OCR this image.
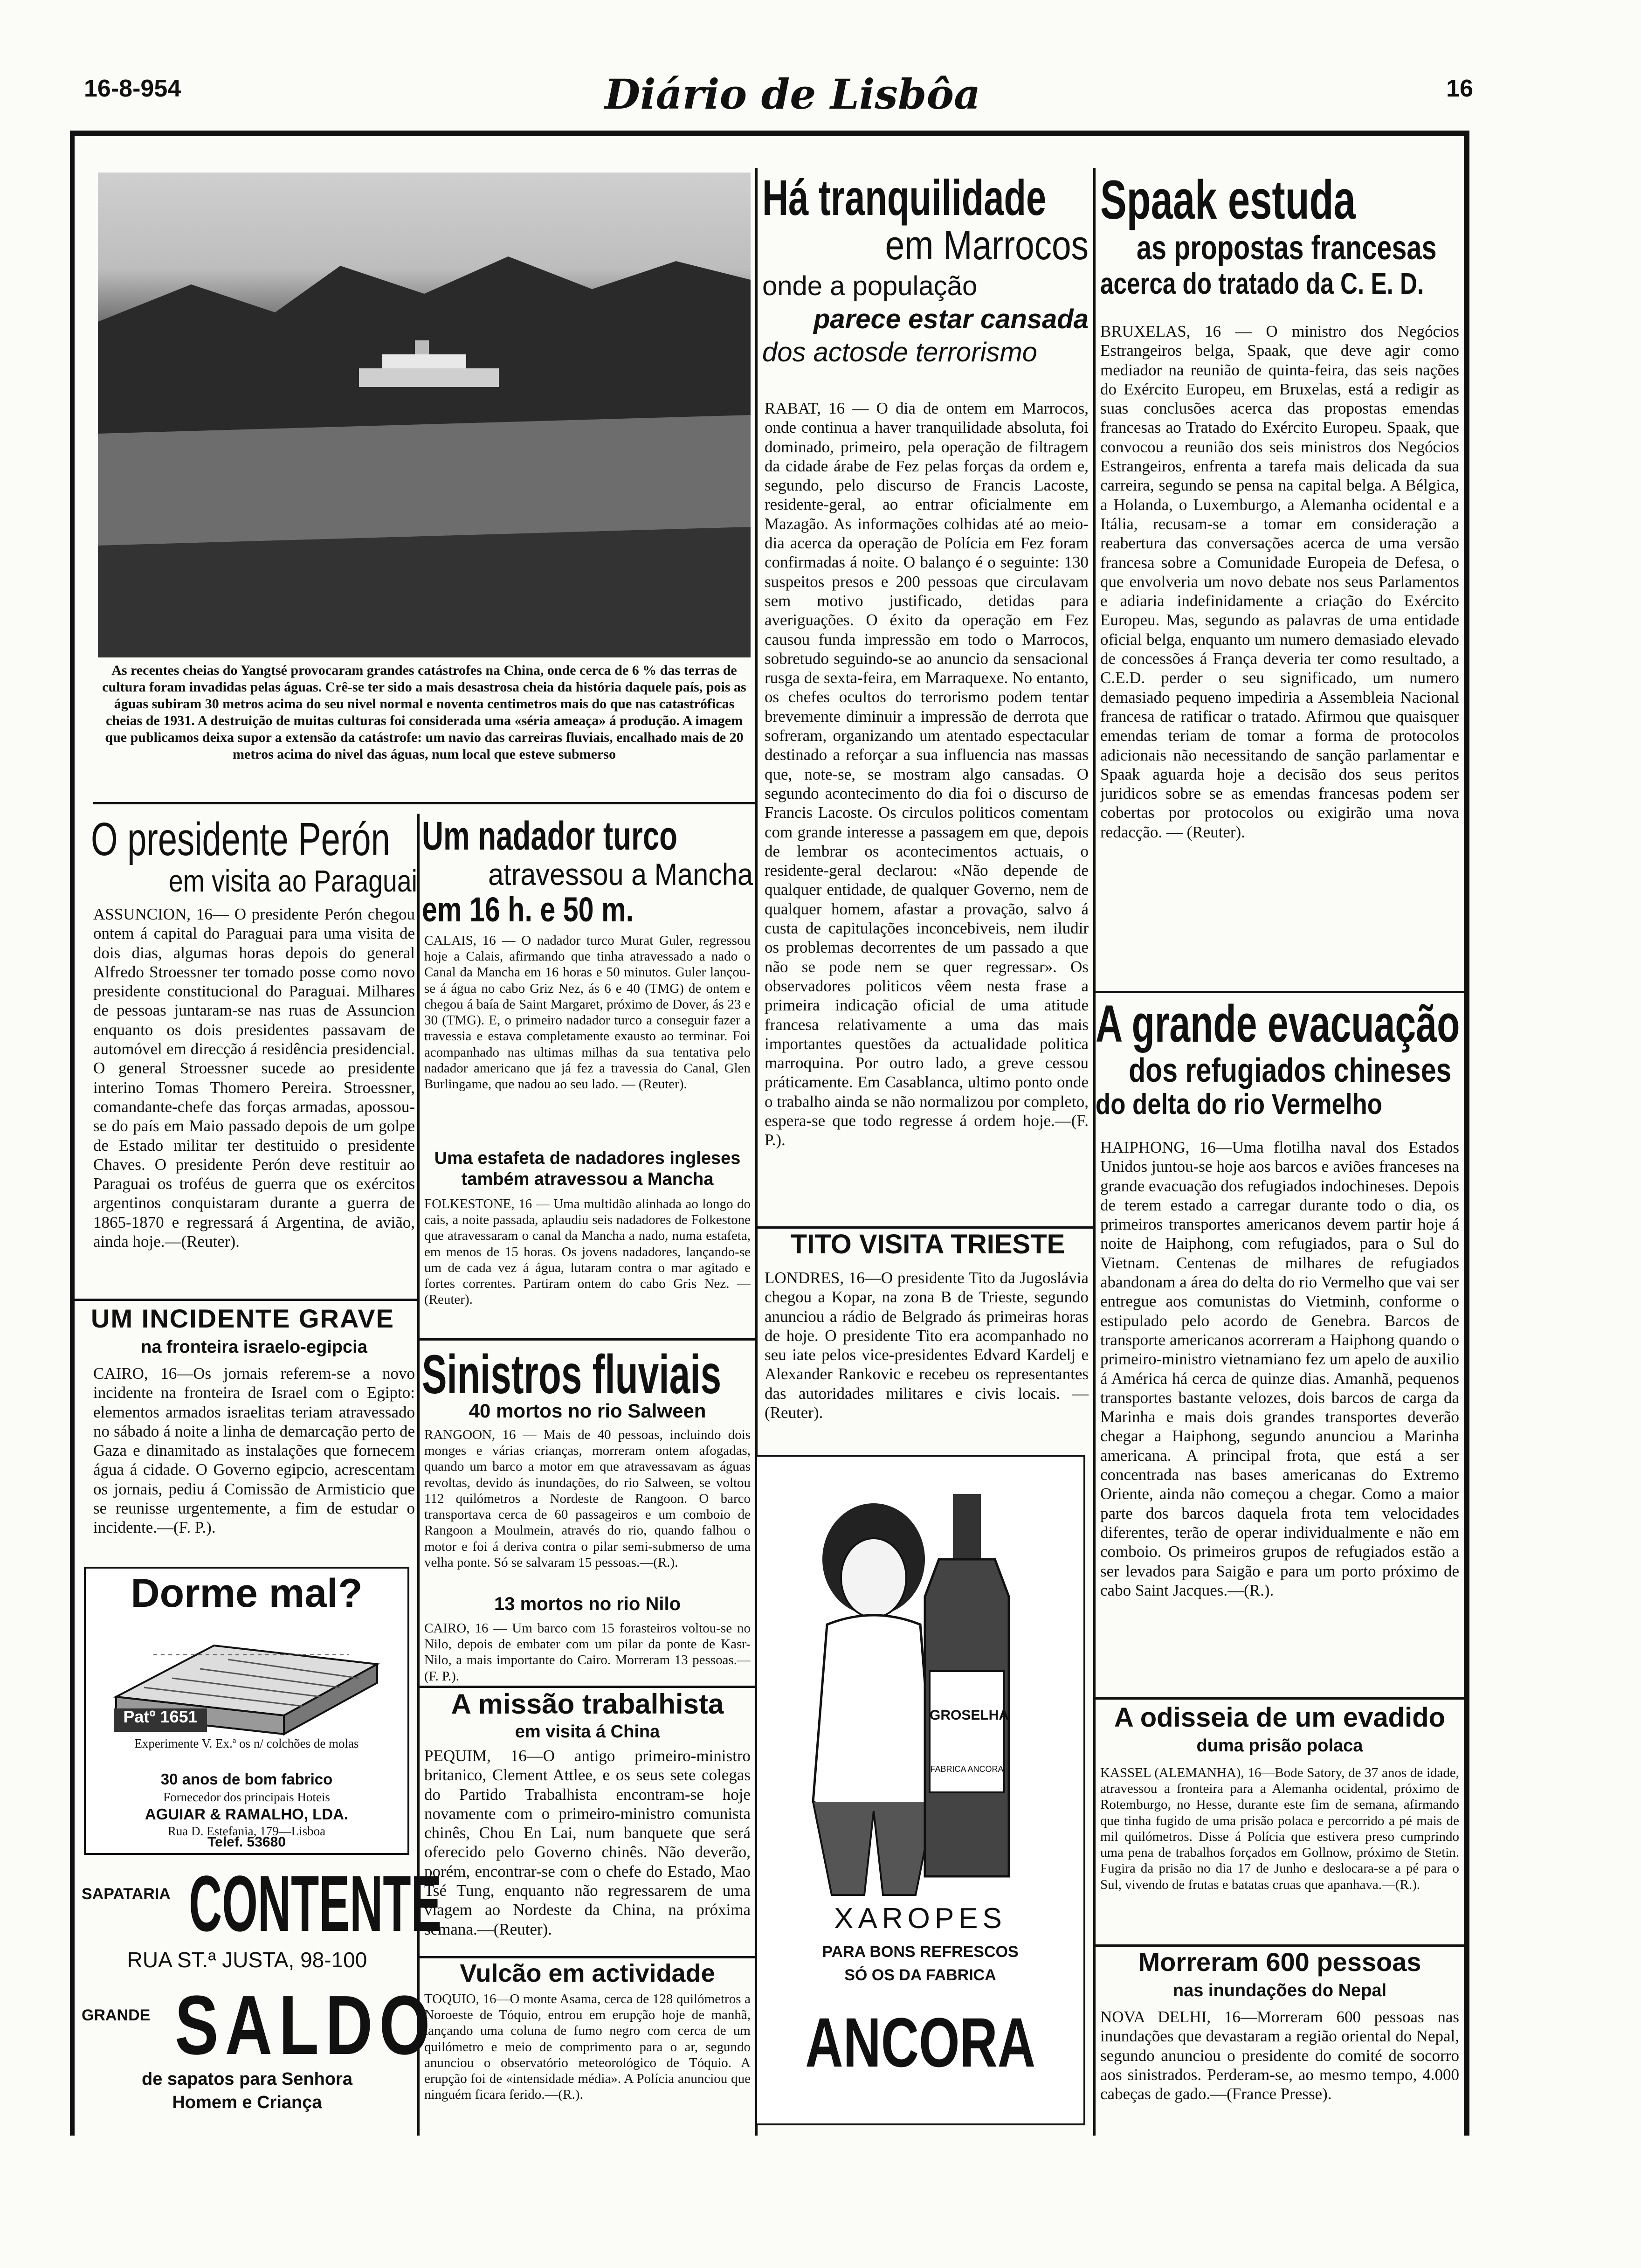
16-8-954	Diário de Lisbôa	16
As recentes cheias do Yangtsé provocaram grandes catástrofes na China, onde cerca de 6 % das terras de cultura foram invadidas pelas águas. Crê-se ter sido a mais desastrosa cheia da história daquele país, pois as águas subiram 30 metros acima do seu nivel normal e noventa centimetros mais do que nas catastróficas cheias de 1931. A destruição de muitas culturas foi considerada uma «séria ameaça» á produção. A imagem que publicamos deixa supor a extensão da catástrofe: um navio das carreiras fluviais, encalhado mais de 20 metros acima do nivel das águas, num local que esteve submerso
Há tranquilidade
em Marrocos
onde a população
parece estar cansada
dos actosde terrorismo
RABAT, 16 — O dia de ontem em Marrocos, onde continua a haver tranquilidade absoluta, foi dominado, primeiro, pela operação de filtragem da cidade árabe de Fez pelas forças da ordem e, segundo, pelo discurso de Francis Lacoste, residente-geral, ao entrar oficialmente em Mazagão. As informações colhidas até ao meio-dia acerca da operação de Polícia em Fez foram confirmadas á noite. O balanço é o seguinte: 130 suspeitos presos e 200 pessoas que circulavam sem motivo justificado, detidas para averiguações. O éxito da operação em Fez causou funda impressão em todo o Marrocos, sobretudo seguindo-se ao anuncio da sensacional rusga de sexta-feira, em Marraquexe. No entanto, os chefes ocultos do terrorismo podem tentar brevemente diminuir a impressão de derrota que sofreram, organizando um atentado espectacular destinado a reforçar a sua influencia nas massas que, note-se, se mostram algo cansadas. O segundo acontecimento do dia foi o discurso de Francis Lacoste. Os circulos politicos comentam com grande interesse a passagem em que, depois de lembrar os acontecimentos actuais, o residente-geral declarou: «Não depende de qualquer entidade, de qualquer Governo, nem de qualquer homem, afastar a provação, salvo á custa de capitulações inconcebiveis, nem iludir os problemas decorrentes de um passado a que não se pode nem se quer regressar». Os observadores politicos vêem nesta frase a primeira indicação oficial de uma atitude francesa relativamente a uma das mais importantes questões da actualidade politica marroquina. Por outro lado, a greve cessou práticamente. Em Casablanca, ultimo ponto onde o trabalho ainda se não normalizou por completo, espera-se que todo regresse á ordem hoje.—(F. P.).
TITO VISITA TRIESTE
LONDRES, 16—O presidente Tito da Jugoslávia chegou a Kopar, na zona B de Trieste, segundo anunciou a rádio de Belgrado ás primeiras horas de hoje. O presidente Tito era acompanhado no seu iate pelos vice-presidentes Edvard Kardelj e Alexander Rankovic e recebeu os representantes das autoridades militares e civis locais. — (Reuter).
GROSELHA
FABRICA ANCORA
XAROPES
PARA BONS REFRESCOS
SÓ OS DA FABRICA
ANCORA
Spaak estuda
as propostas francesas
acerca do tratado da C. E. D.
BRUXELAS, 16 — O ministro dos Negócios Estrangeiros belga, Spaak, que deve agir como mediador na reunião de quinta-feira, das seis nações do Exército Europeu, em Bruxelas, está a redigir as suas conclusões acerca das propostas emendas francesas ao Tratado do Exército Europeu. Spaak, que convocou a reunião dos seis ministros dos Negócios Estrangeiros, enfrenta a tarefa mais delicada da sua carreira, segundo se pensa na capital belga. A Bélgica, a Holanda, o Luxemburgo, a Alemanha ocidental e a Itália, recusam-se a tomar em consideração a reabertura das conversações acerca de uma versão francesa sobre a Comunidade Europeia de Defesa, o que envolveria um novo debate nos seus Parlamentos e adiaria indefinidamente a criação do Exército Europeu. Mas, segundo as palavras de uma entidade oficial belga, enquanto um numero demasiado elevado de concessões á França deveria ter como resultado, a C.E.D. perder o seu significado, um numero demasiado pequeno impediria a Assembleia Nacional francesa de ratificar o tratado. Afirmou que quaisquer emendas teriam de tomar a forma de protocolos adicionais não necessitando de sanção parlamentar e Spaak aguarda hoje a decisão dos seus peritos juridicos sobre se as emendas francesas podem ser cobertas por protocolos ou exigirão uma nova redacção. — (Reuter).
A grande evacuação
dos refugiados chineses
do delta do rio Vermelho
HAIPHONG, 16—Uma flotilha naval dos Estados Unidos juntou-se hoje aos barcos e aviões franceses na grande evacuação dos refugiados indochineses. Depois de terem estado a carregar durante todo o dia, os primeiros transportes americanos devem partir hoje á noite de Haiphong, com refugiados, para o Sul do Vietnam. Centenas de milhares de refugiados abandonam a área do delta do rio Vermelho que vai ser entregue aos comunistas do Vietminh, conforme o estipulado pelo acordo de Genebra. Barcos de transporte americanos acorreram a Haiphong quando o primeiro-ministro vietnamiano fez um apelo de auxilio á América há cerca de quinze dias. Amanhã, pequenos transportes bastante velozes, dois barcos de carga da Marinha e mais dois grandes transportes deverão chegar a Haiphong, segundo anunciou a Marinha americana. A principal frota, que está a ser concentrada nas bases americanas do Extremo Oriente, ainda não começou a chegar. Como a maior parte dos barcos daquela frota tem velocidades diferentes, terão de operar individualmente e não em comboio. Os primeiros grupos de refugiados estão a ser levados para Saigão e para um porto próximo de cabo Saint Jacques.—(R.).
A odisseia de um evadido
duma prisão polaca
KASSEL (ALEMANHA), 16—Bode Satory, de 37 anos de idade, atravessou a fronteira para a Alemanha ocidental, próximo de Rotemburgo, no Hesse, durante este fim de semana, afirmando que tinha fugido de uma prisão polaca e percorrido a pé mais de mil quilómetros. Disse á Polícia que estivera preso cumprindo uma pena de trabalhos forçados em Gollnow, próximo de Stetin. Fugira da prisão no dia 17 de Junho e deslocara-se a pé para o Sul, vivendo de frutas e batatas cruas que apanhava.—(R.).
Morreram 600 pessoas
nas inundações do Nepal
NOVA DELHI, 16—Morreram 600 pessoas nas inundações que devastaram a região oriental do Nepal, segundo anunciou o presidente do comité de socorro aos sinistrados. Perderam-se, ao mesmo tempo, 4.000 cabeças de gado.—(France Presse).
O presidente Perón
em visita ao Paraguai
ASSUNCION, 16— O presidente Perón chegou ontem á capital do Paraguai para uma visita de dois dias, algumas horas depois do general Alfredo Stroessner ter tomado posse como novo presidente constitucional do Paraguai. Milhares de pessoas juntaram-se nas ruas de Assuncion enquanto os dois presidentes passavam de automóvel em direcção á residência presidencial. O general Stroessner sucede ao presidente interino Tomas Thomero Pereira. Stroessner, comandante-chefe das forças armadas, apossou-se do país em Maio passado depois de um golpe de Estado militar ter destituido o presidente Chaves. O presidente Perón deve restituir ao Paraguai os troféus de guerra que os exércitos argentinos conquistaram durante a guerra de 1865-1870 e regressará á Argentina, de avião, ainda hoje.—(Reuter).
UM INCIDENTE GRAVE
na fronteira israelo-egipcia
CAIRO, 16—Os jornais referem-se a novo incidente na fronteira de Israel com o Egipto: elementos armados israelitas teriam atravessado no sábado á noite a linha de demarcação perto de Gaza e dinamitado as instalações que fornecem água á cidade. O Governo egipcio, acrescentam os jornais, pediu á Comissão de Armisticio que se reunisse urgentemente, a fim de estudar o incidente.—(F. P.).
Dorme mal?
Patº 1651
Experimente V. Ex.ª os n/ colchões de molas
30 anos de bom fabrico
Fornecedor dos principais Hoteis
AGUIAR & RAMALHO, LDA.
Rua D. Estefania, 179—Lisboa
Telef. 53680
SAPATARIA CONTENTE
RUA ST.ª JUSTA, 98-100
GRANDE SALDO
de sapatos para Senhora
Homem e Criança
Um nadador turco
atravessou a Mancha
em 16 h. e 50 m.
CALAIS, 16 — O nadador turco Murat Guler, regressou hoje a Calais, afirmando que tinha atravessado a nado o Canal da Mancha em 16 horas e 50 minutos. Guler lançou-se á água no cabo Griz Nez, ás 6 e 40 (TMG) de ontem e chegou á baía de Saint Margaret, próximo de Dover, ás 23 e 30 (TMG). E, o primeiro nadador turco a conseguir fazer a travessia e estava completamente exausto ao terminar. Foi acompanhado nas ultimas milhas da sua tentativa pelo nadador americano que já fez a travessia do Canal, Glen Burlingame, que nadou ao seu lado. — (Reuter).
Uma estafeta de nadadores ingleses
também atravessou a Mancha
FOLKESTONE, 16 — Uma multidão alinhada ao longo do cais, a noite passada, aplaudiu seis nadadores de Folkestone que atravessaram o canal da Mancha a nado, numa estafeta, em menos de 15 horas. Os jovens nadadores, lançando-se um de cada vez á água, lutaram contra o mar agitado e fortes correntes. Partiram ontem do cabo Gris Nez. — (Reuter).
Sinistros fluviais
40 mortos no rio Salween
RANGOON, 16 — Mais de 40 pessoas, incluindo dois monges e várias crianças, morreram ontem afogadas, quando um barco a motor em que atravessavam as águas revoltas, devido ás inundações, do rio Salween, se voltou 112 quilómetros a Nordeste de Rangoon. O barco transportava cerca de 60 passageiros e um comboio de Rangoon a Moulmein, através do rio, quando falhou o motor e foi á deriva contra o pilar semi-submerso de uma velha ponte. Só se salvaram 15 pessoas.—(R.).
13 mortos no rio Nilo
CAIRO, 16 — Um barco com 15 forasteiros voltou-se no Nilo, depois de embater com um pilar da ponte de Kasr-Nilo, a mais importante do Cairo. Morreram 13 pessoas.—(F. P.).
A missão trabalhista
em visita á China
PEQUIM, 16—O antigo primeiro-ministro britanico, Clement Attlee, e os seus sete colegas do Partido Trabalhista encontram-se hoje novamente com o primeiro-ministro comunista chinês, Chou En Lai, num banquete que será oferecido pelo Governo chinês. Não deverão, porém, encontrar-se com o chefe do Estado, Mao Tsé Tung, enquanto não regressarem de uma viagem ao Nordeste da China, na próxima semana.—(Reuter).
Vulcão em actividade
TOQUIO, 16—O monte Asama, cerca de 128 quilómetros a Noroeste de Tóquio, entrou em erupção hoje de manhã, lançando uma coluna de fumo negro com cerca de um quilómetro e meio de comprimento para o ar, segundo anunciou o observatório meteorológico de Tóquio. A erupção foi de «intensidade média». A Polícia anunciou que ninguém ficara ferido.—(R.).
